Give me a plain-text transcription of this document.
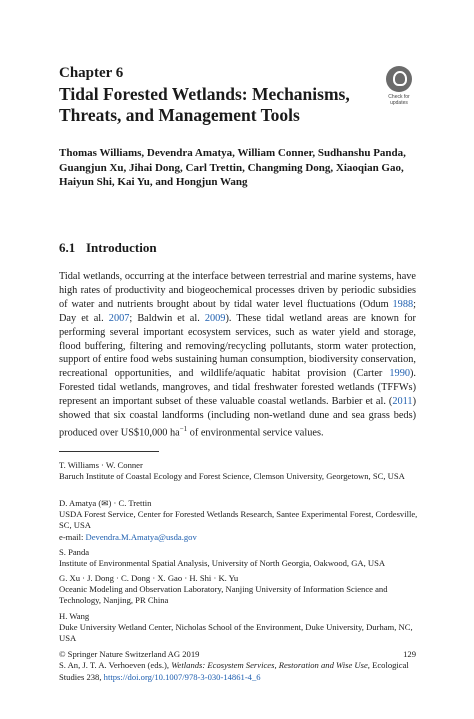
Chapter 6
Tidal Forested Wetlands: Mechanisms, Threats, and Management Tools
Check for
updates
Thomas Williams, Devendra Amatya, William Conner, Sudhanshu Panda, Guangjun Xu, Jihai Dong, Carl Trettin, Changming Dong, Xiaoqian Gao, Haiyun Shi, Kai Yu, and Hongjun Wang
6.1 Introduction
Tidal wetlands, occurring at the interface between terrestrial and marine systems, have high rates of productivity and biogeochemical processes driven by periodic subsidies of water and nutrients brought about by tidal water level fluctuations (Odum 1988; Day et al. 2007; Baldwin et al. 2009). These tidal wetland areas are known for performing several important ecosystem services, such as water yield and storage, flood buffering, filtering and removing/recycling pollutants, storm water protection, support of entire food webs sustaining human consumption, biodiversity conservation, recreational opportunities, and wildlife/aquatic habitat provision (Carter 1990). Forested tidal wetlands, mangroves, and tidal freshwater forested wetlands (TFFWs) represent an important subset of these valuable coastal wetlands. Barbier et al. (2011) showed that six coastal landforms (including non-wetland dune and sea grass beds) produced over US$10,000 $ha^{-1}$ of environmental service values.
T. Williams · W. Conner
Baruch Institute of Coastal Ecology and Forest Science, Clemson University, Georgetown, SC, USA
D. Amatya (✉) · C. Trettin
USDA Forest Service, Center for Forested Wetlands Research, Santee Experimental Forest, Cordesville, SC, USA
e-mail: Devendra.M.Amatya@usda.gov
S. Panda
Institute of Environmental Spatial Analysis, University of North Georgia, Oakwood, GA, USA
G. Xu · J. Dong · C. Dong · X. Gao · H. Shi · K. Yu
Oceanic Modeling and Observation Laboratory, Nanjing University of Information Science and Technology, Nanjing, PR China
H. Wang
Duke University Wetland Center, Nicholas School of the Environment, Duke University, Durham, NC, USA
© Springer Nature Switzerland AG 2019	129
S. An, J. T. A. Verhoeven (eds.), Wetlands: Ecosystem Services, Restoration and Wise Use, Ecological Studies 238, https://doi.org/10.1007/978-3-030-14861-4_6
